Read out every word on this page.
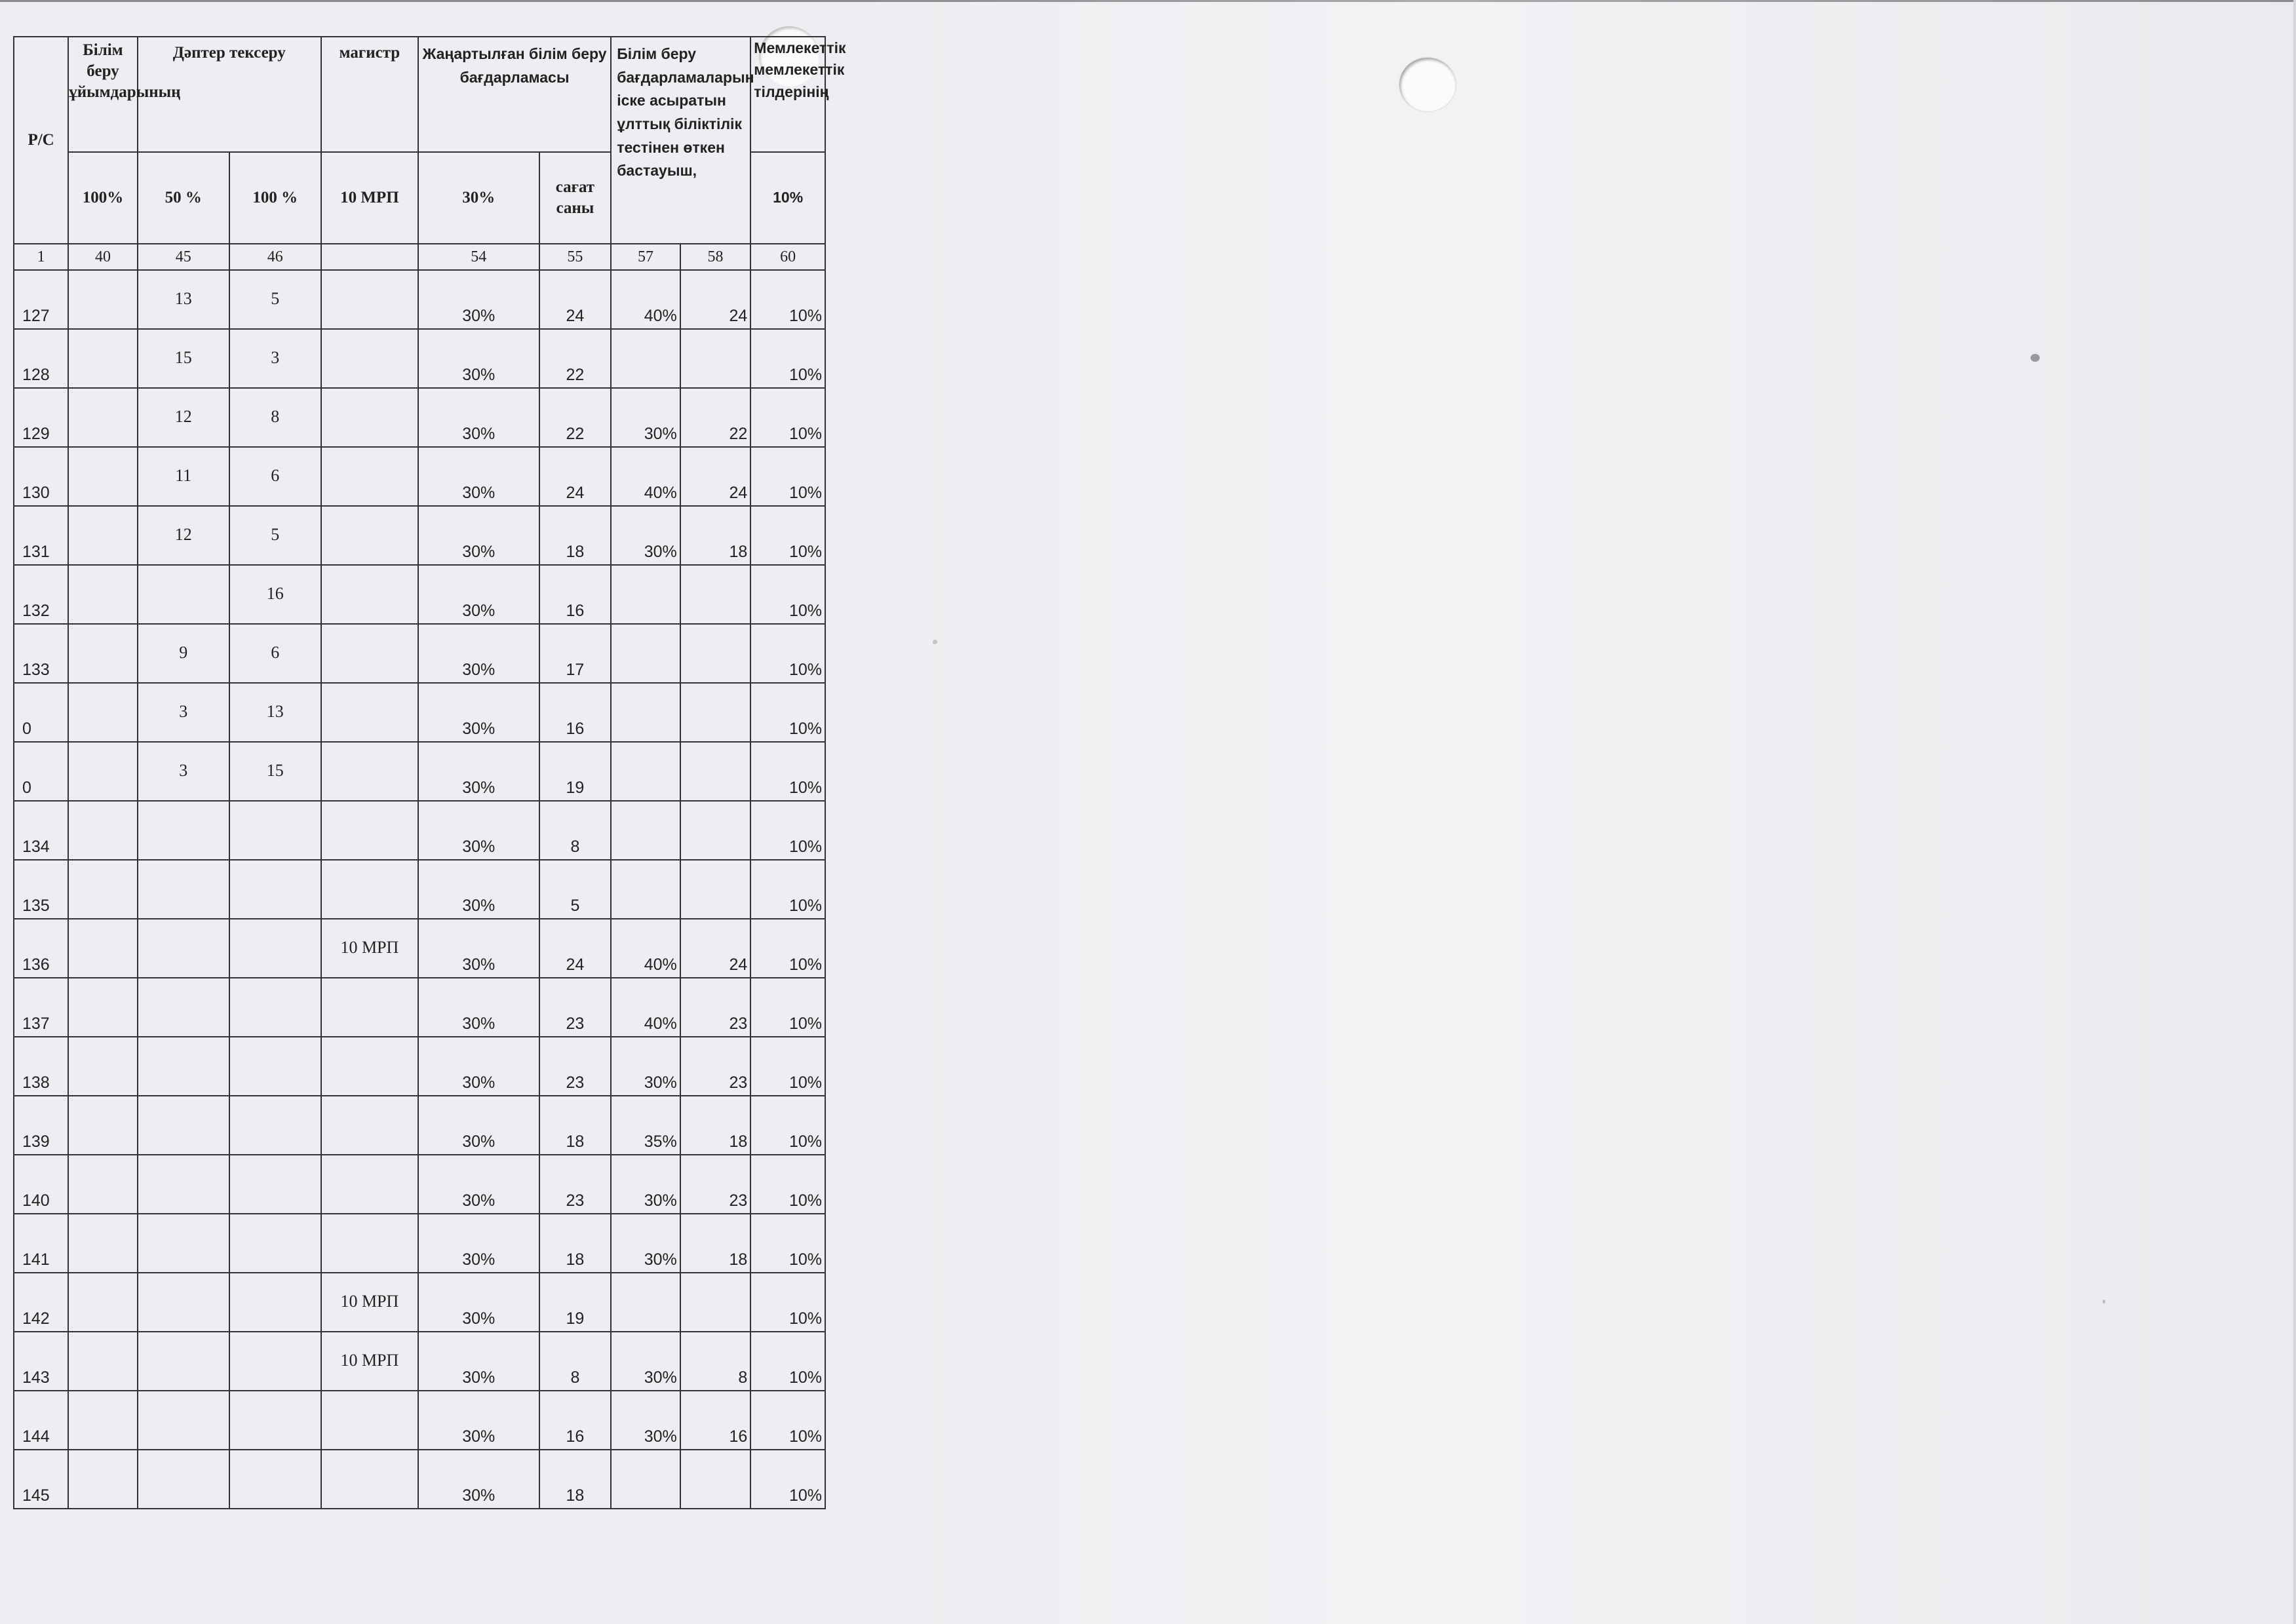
Р/С	Білім беру ұйымдарының	Дәптер тексеру		магистр	Жаңартылған білім беру бағдарламасы		Білім беру бағдарламаларын іске асыратын ұлттық біліктілік тестінен өткен бастауыш,		Мемлекеттік мемлекеттік тілдерінің
	100%	50 %	100 %	10 МРП	30%	сағат саны			10%
1	40	45	46		54	55	57	58	60

127		13	5		30%	24	40%	24	10%

128		15	3		30%	22			10%

129		12	8		30%	22	30%	22	10%

130		11	6		30%	24	40%	24	10%

131		12	5		30%	18	30%	18	10%

132			16		30%	16			10%

133		9	6		30%	17			10%

0		3	13		30%	16			10%

0		3	15		30%	19			10%

134					30%	8			10%

135					30%	5			10%

136				10 МРП	30%	24	40%	24	10%

137					30%	23	40%	23	10%

138					30%	23	30%	23	10%

139					30%	18	35%	18	10%

140					30%	23	30%	23	10%

141					30%	18	30%	18	10%

142				10 МРП	30%	19			10%

143				10 МРП	30%	8	30%	8	10%

144					30%	16	30%	16	10%

145					30%	18			10%
